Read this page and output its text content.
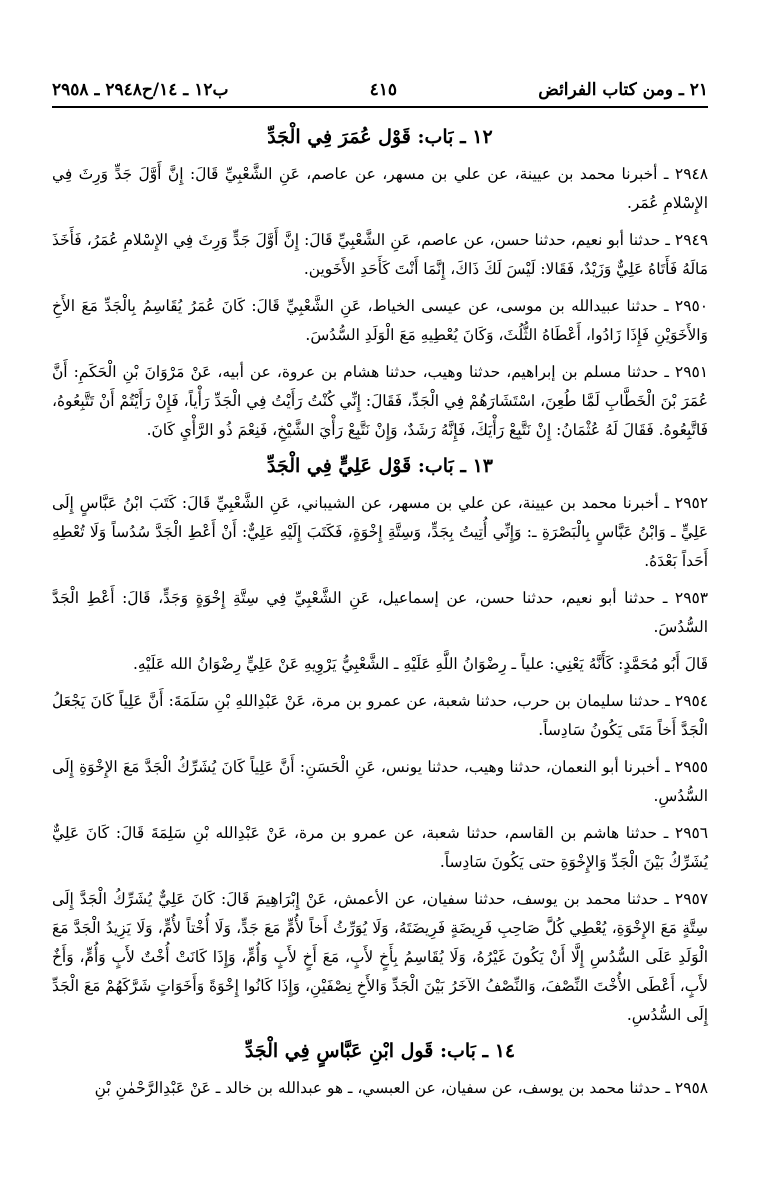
٢١ ـ ومن كتاب الفرائض
٤١٥
ب١٢ ـ ١٤/ح٢٩٤٨ ـ ٢٩٥٨
١٢ ـ بَاب: قَوْل عُمَرَ فِي الْجَدِّ

٢٩٤٨ ـ أخبرنا محمد بن عيينة، عن علي بن مسهر، عن عاصم، عَنِ الشَّعْبِيِّ قَالَ: إِنَّ أَوَّلَ جَدٍّ وَرِثَ فِي الإِسْلامِ عُمَر.

٢٩٤٩ ـ حدثنا أبو نعيم، حدثنا حسن، عن عاصم، عَنِ الشَّعْبِيِّ قَالَ: إِنَّ أَوَّلَ جَدٍّ وَرِثَ فِي الإِسْلامِ عُمَرُ، فَأَخَذَ مَالَهُ فَأَتَاهُ عَلِيٌّ وَزَيْدٌ، فَقَالا: لَيْسَ لَكَ ذَاكَ، إِنَّمَا أَنْتَ كَأَحَدِ الأَخَوين.

٢٩٥٠ ـ حدثنا عبيدالله بن موسى، عن عيسى الخياط، عَنِ الشَّعْبِيِّ قَالَ: كَانَ عُمَرُ يُقَاسِمُ بِالْجَدِّ مَعَ الأَخِ وَالأَخَوَيْنِ فَإِذَا زَادُوا، أَعْطَاهُ الثُّلُثَ، وَكَانَ يُعْطِيهِ مَعَ الْوَلَدِ السُّدُسَ.

٢٩٥١ ـ حدثنا مسلم بن إبراهيم، حدثنا وهيب، حدثنا هشام بن عروة، عن أبيه، عَنْ مَرْوَانَ بْنِ الْحَكَمِ: أَنَّ عُمَرَ بْنَ الْخَطَّابِ لَمَّا طُعِنَ، اسْتَشَارَهُمْ فِي الْجَدِّ، فَقَالَ: إِنِّي كُنْتُ رَأَيْتُ فِي الْجَدِّ رَأْياً، فَإِنْ رَأَيْتُمْ أَنْ تَتَّبِعُوهُ، فَاتَّبِعُوهُ. فَقَالَ لَهُ عُثْمَانُ: إِنْ نَتَّبِعْ رَأْيَكَ، فَإِنَّهُ رَشَدٌ، وَإِنْ نَتَّبِعْ رَأْيَ الشَّيْخِ، فَنِعْمَ ذُو الرَّأْيِ كَانَ.

١٣ ـ بَاب: قَوْل عَلِيٍّ فِي الْجَدِّ

٢٩٥٢ ـ أخبرنا محمد بن عيينة، عن علي بن مسهر، عن الشيباني، عَنِ الشَّعْبِيِّ قَالَ: كَتَبَ ابْنُ عَبَّاسٍ إِلَى عَلِيٍّ ـ وَابْنُ عَبَّاسٍ بِالْبَصْرَةِ ـ: وَإِنِّي أُتِيتُ بِجَدٍّ، وَسِتَّةِ إِخْوَةٍ، فَكَتَبَ إِلَيْهِ عَلِيٌّ: أَنْ أَعْطِ الْجَدَّ سُدُساً وَلَا تُعْطِهِ أَحَداً بَعْدَهُ.

٢٩٥٣ ـ حدثنا أبو نعيم، حدثنا حسن، عن إسماعيل، عَنِ الشَّعْبِيِّ فِي سِتَّةِ إِخْوَةٍ وَجَدٍّ، قَالَ: أَعْطِ الْجَدَّ السُّدُسَ.

قَالَ أَبُو مُحَمَّدٍ: كَأَنَّهُ يَعْنِي: علياً ـ رِضْوَانُ اللَّهِ عَلَيْهِ ـ الشَّعْبِيُّ يَرْوِيهِ عَنْ عَلِيٍّ رِضْوَانُ الله عَلَيْهِ.

٢٩٥٤ ـ حدثنا سليمان بن حرب، حدثنا شعبة، عن عمرو بن مرة، عَنْ عَبْدِاللهِ بْنِ سَلَمَةَ: أَنَّ عَلِياً كَانَ يَجْعَلُ الْجَدَّ أَخاً مَتَى يَكُونُ سَادِساً.

٢٩٥٥ ـ أخبرنا أبو النعمان، حدثنا وهيب، حدثنا يونس، عَنِ الْحَسَنِ: أَنَّ عَلِياً كَانَ يُشَرِّكُ الْجَدَّ مَعَ الإِخْوَةِ إِلَى السُّدُسِ.

٢٩٥٦ ـ حدثنا هاشم بن القاسم، حدثنا شعبة، عن عمرو بن مرة، عَنْ عَبْدِالله بْنِ سَلِمَةَ قَالَ: كَانَ عَلِيٌّ يُشَرِّكُ بَيْنَ الْجَدِّ وَالإِخْوَةِ حتى يَكُونَ سَادِساً.

٢٩٥٧ ـ حدثنا محمد بن يوسف، حدثنا سفيان، عن الأعمش، عَنْ إِبْرَاهِيمَ قَالَ: كَانَ عَلِيٌّ يُشَرِّكُ الْجَدَّ إِلَى سِتَّةٍ مَعَ الإِخْوَةِ، يُعْطِي كُلَّ صَاحِبِ فَرِيضَةٍ فَرِيضَتَهُ، وَلَا يُوَرِّثُ أَخاً لأُمٍّ مَعَ جَدٍّ، وَلَا أُخْتاً لأُمٍّ، وَلَا يَزِيدُ الْجَدَّ مَعَ الْوَلَدِ عَلَى السُّدُسِ إِلَّا أَنْ يَكُونَ غَيْرُهُ، وَلَا يُقَاسِمُ بِأَخٍ لأَبٍ، مَعَ أَخٍ لأَبٍ وَأُمٍّ، وَإِذَا كَانَتْ أُخْتٌ لأَبٍ وَأُمٍّ، وَأَخٌ لأَبٍ، أَعْطَى الأُخْتَ النِّصْفَ، وَالنِّصْفُ الآخَرُ بَيْنَ الْجَدِّ وَالأَخِ نِصْفَيْنِ، وَإِذَا كَانُوا إِخْوَةً وَأَخَوَاتٍ شَرَّكَهُمْ مَعَ الْجَدِّ إِلَى السُّدُسِ.

١٤ ـ بَاب: قَول ابْنِ عَبَّاسٍ فِي الْجَدِّ

٢٩٥٨ ـ حدثنا محمد بن يوسف، عن سفيان، عن العبسي، ـ هو عبدالله بن خالد ـ عَنْ عَبْدِالرَّحْمٰنِ بْنِ
